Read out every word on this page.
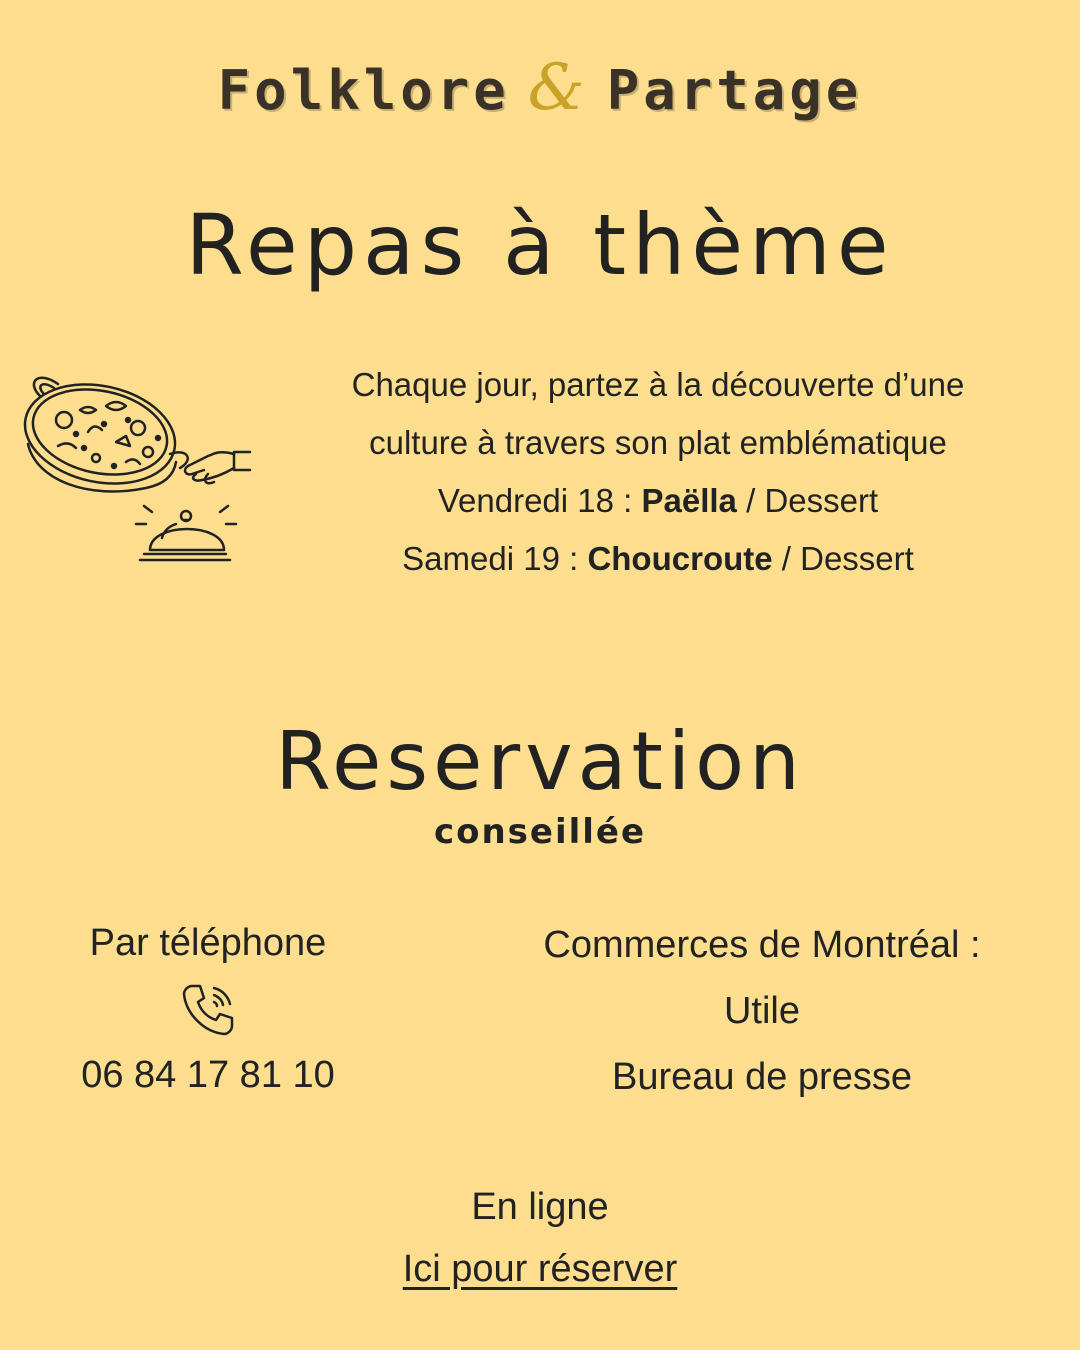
Folklore & Partage
Repas à thème
Chaque jour, partez à la découverte d’une
culture à travers son plat emblématique
Vendredi 18 : Paëlla / Dessert
Samedi 19 : Choucroute / Dessert
Reservation
conseillée
Par téléphone
06 84 17 81 10
Commerces de Montréal :
Utile
Bureau de presse
En ligne
Ici pour réserver
